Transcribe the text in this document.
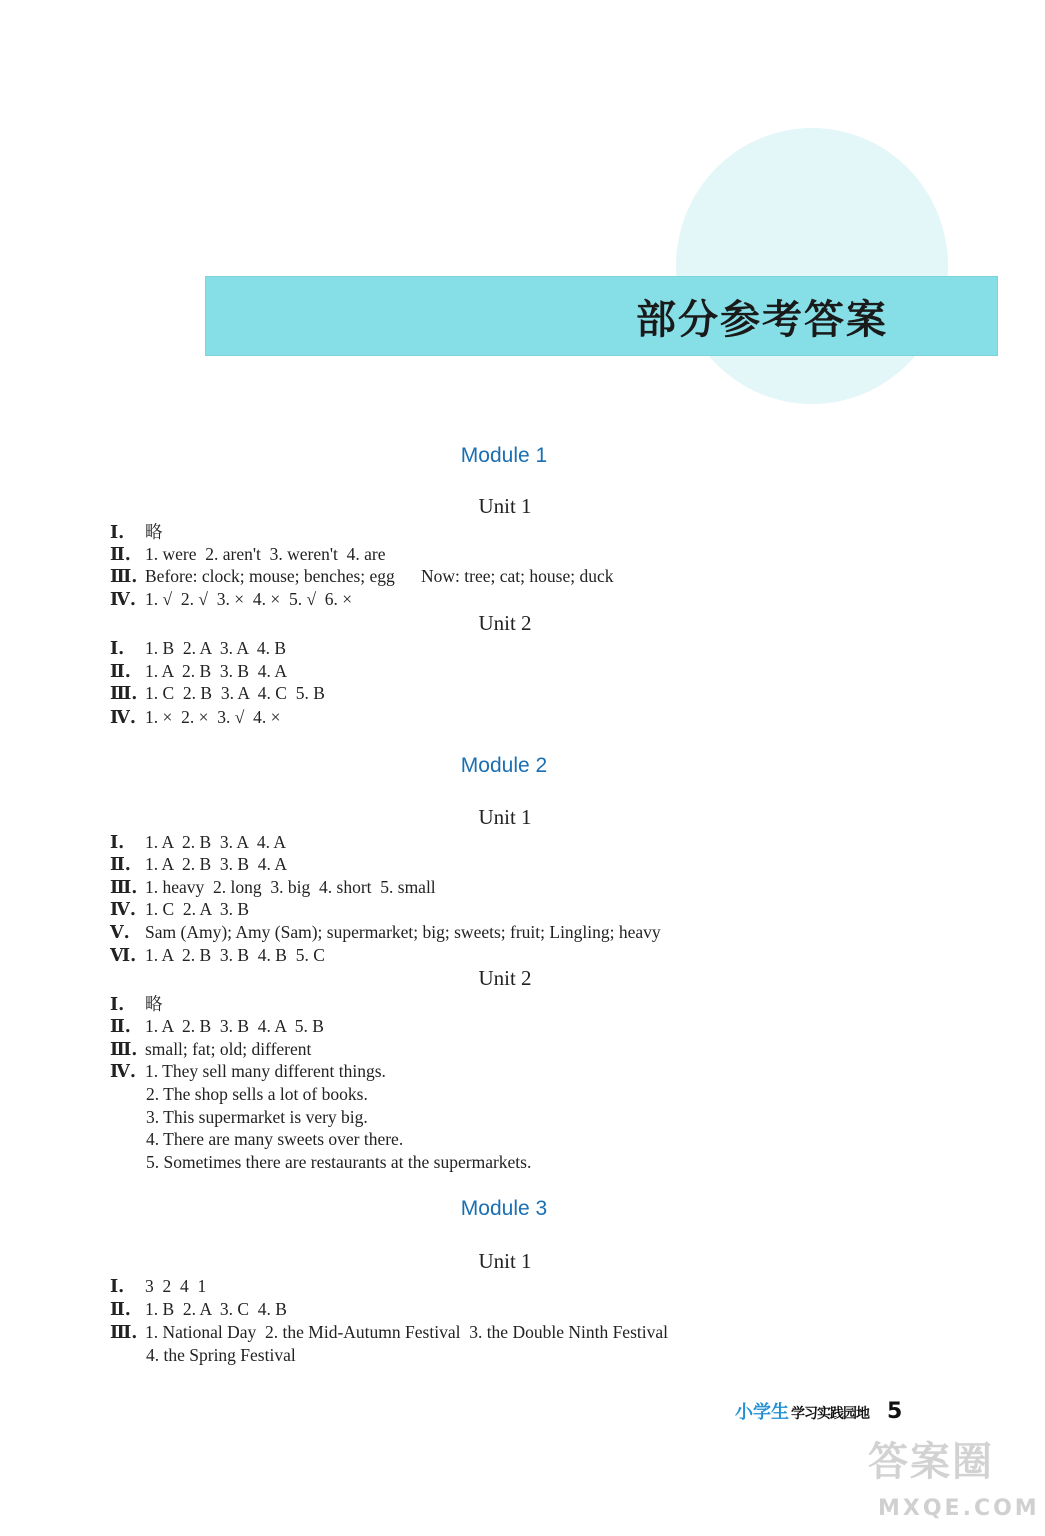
部分参考答案
Module 1
Unit 1
Ⅰ. 略
Ⅱ. 1. were  2. aren't  3. weren't  4. are
Ⅲ. Before: clock; mouse; benches; egg      Now: tree; cat; house; duck
Ⅳ. 1. √  2. √  3. ×  4. ×  5. √  6. ×
Unit 2
Ⅰ. 1. B  2. A  3. A  4. B
Ⅱ. 1. A  2. B  3. B  4. A
Ⅲ. 1. C  2. B  3. A  4. C  5. B
Ⅳ. 1. ×  2. ×  3. √  4. ×
Module 2
Unit 1
Ⅰ. 1. A  2. B  3. A  4. A
Ⅱ. 1. A  2. B  3. B  4. A
Ⅲ. 1. heavy  2. long  3. big  4. short  5. small
Ⅳ. 1. C  2. A  3. B
Ⅴ. Sam (Amy); Amy (Sam); supermarket; big; sweets; fruit; Lingling; heavy
Ⅵ. 1. A  2. B  3. B  4. B  5. C
Unit 2
Ⅰ. 略
Ⅱ. 1. A  2. B  3. B  4. A  5. B
Ⅲ. small; fat; old; different
Ⅳ. 1. They sell many different things.
2. The shop sells a lot of books.
3. This supermarket is very big.
4. There are many sweets over there.
5. Sometimes there are restaurants at the supermarkets.
Module 3
Unit 1
Ⅰ. 3  2  4  1
Ⅱ. 1. B  2. A  3. C  4. B
Ⅲ. 1. National Day  2. the Mid-Autumn Festival  3. the Double Ninth Festival
4. the Spring Festival
小学生 学习实践园地 5
答案圈
MXQE.COM
